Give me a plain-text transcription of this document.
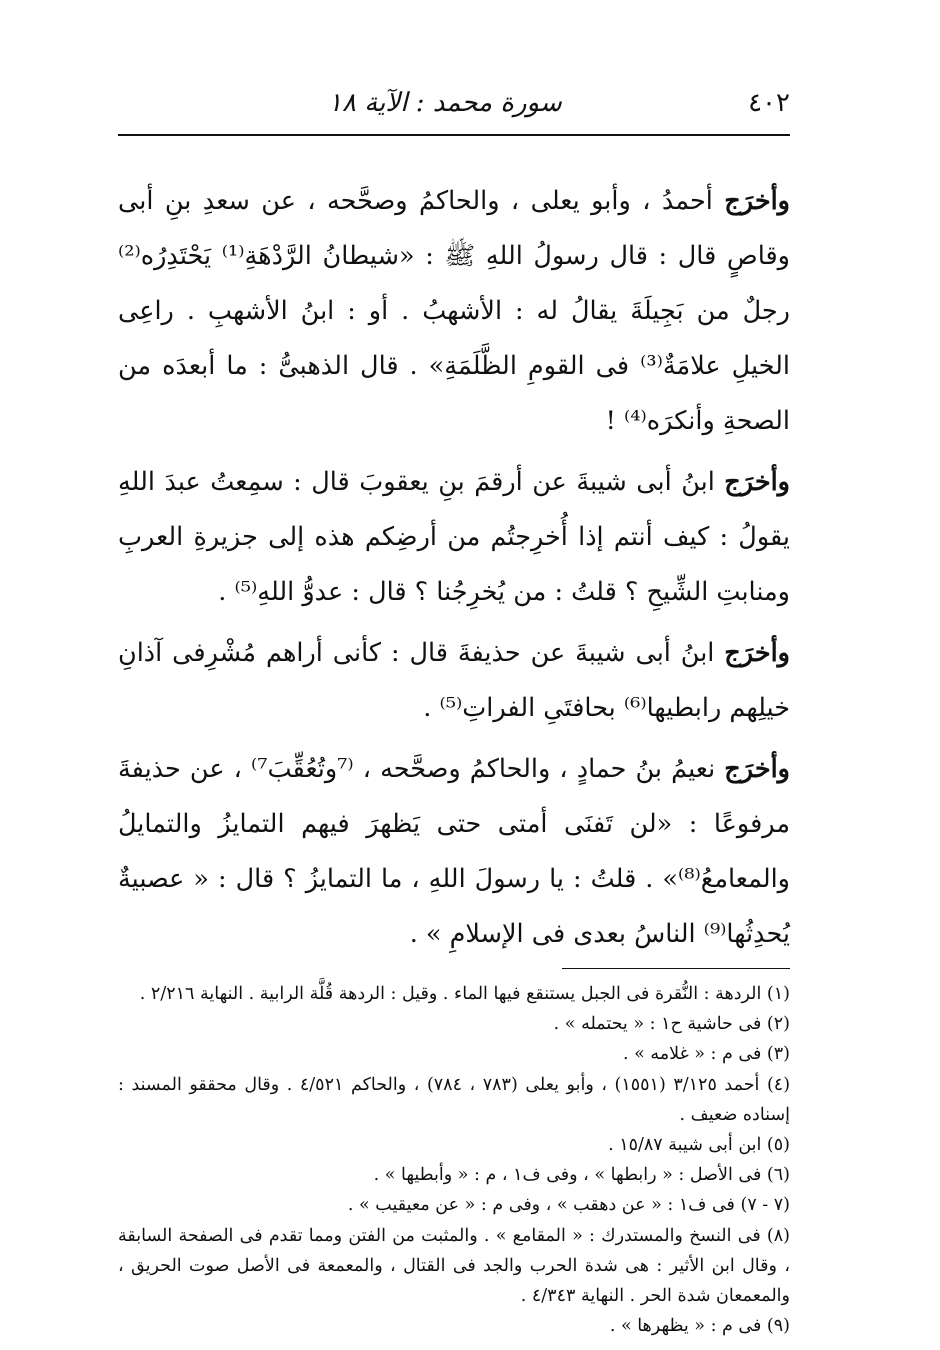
٤٠٢
سورة محمد : الآية ١٨

وأخرَج أحمدُ ، وأبو يعلى ، والحاكمُ وصحَّحه ، عن سعدِ بنِ أبى وقاصٍ قال : قال رسولُ اللهِ ﷺ : «شيطانُ الرَّدْهَةِ⁽¹⁾ يَحْتَدِرُه⁽²⁾ رجلٌ من بَجِيلَةَ يقالُ له : الأشهبُ . أو : ابنُ الأشهبِ . راعِى الخيلِ علامَةٌ⁽³⁾ فى القومِ الظَّلَمَةِ» . قال الذهبىُّ : ما أبعدَه من الصحةِ وأنكرَه⁽⁴⁾ !

وأخرَج ابنُ أبى شيبةَ عن أرقمَ بنِ يعقوبَ قال : سمِعتُ عبدَ اللهِ يقولُ : كيف أنتم إذا أُخرِجتُم من أرضِكم هذه إلى جزيرةِ العربِ ومنابتِ الشِّيحِ ؟ قلتُ : من يُخرِجُنا ؟ قال : عدوُّ اللهِ⁽⁵⁾ .

وأخرَج ابنُ أبى شيبةَ عن حذيفةَ قال : كأنى أراهم مُشْرِفى آذانِ خيلِهم رابطيها⁽⁶⁾ بحافتَىِ الفراتِ⁽⁵⁾ .

وأخرَج نعيمُ بنُ حمادٍ ، والحاكمُ وصحَّحه ، ⁽⁷وتُعُقِّبَ⁷⁾ ، عن حذيفةَ مرفوعًا : «لن تَفنَى أمتى حتى يَظهرَ فيهم التمايزُ والتمايلُ والمعامعُ⁽⁸⁾» . قلتُ : يا رسولَ اللهِ ، ما التمايزُ ؟ قال : « عصبيةٌ يُحدِثُها⁽⁹⁾ الناسُ بعدى فى الإسلامِ » .

(١) الردهة : النُّقرة فى الجبل يستنقع فيها الماء . وقيل : الردهة قُلَّة الرابية . النهاية ٢/٢١٦ .

(٢) فى حاشية ح١ : « يحتمله » .

(٣) فى م : « غلامه » .

(٤) أحمد ٣/١٢٥ (١٥٥١) ، وأبو يعلى (٧٨٣ ، ٧٨٤) ، والحاكم ٤/٥٢١ . وقال محققو المسند : إسناده ضعيف .

(٥) ابن أبى شيبة ١٥/٨٧ .

(٦) فى الأصل : « رابطها » ، وفى ف١ ، م : « وأبطيها » .

(٧ - ٧) فى ف١ : « عن دهقب » ، وفى م : « عن معيقيب » .

(٨) فى النسخ والمستدرك : « المقامع » . والمثبت من الفتن ومما تقدم فى الصفحة السابقة ، وقال ابن الأثير : هى شدة الحرب والجد فى القتال ، والمعمعة فى الأصل صوت الحريق ، والمعمعان شدة الحر . النهاية ٤/٣٤٣ .

(٩) فى م : « يظهرها » .
